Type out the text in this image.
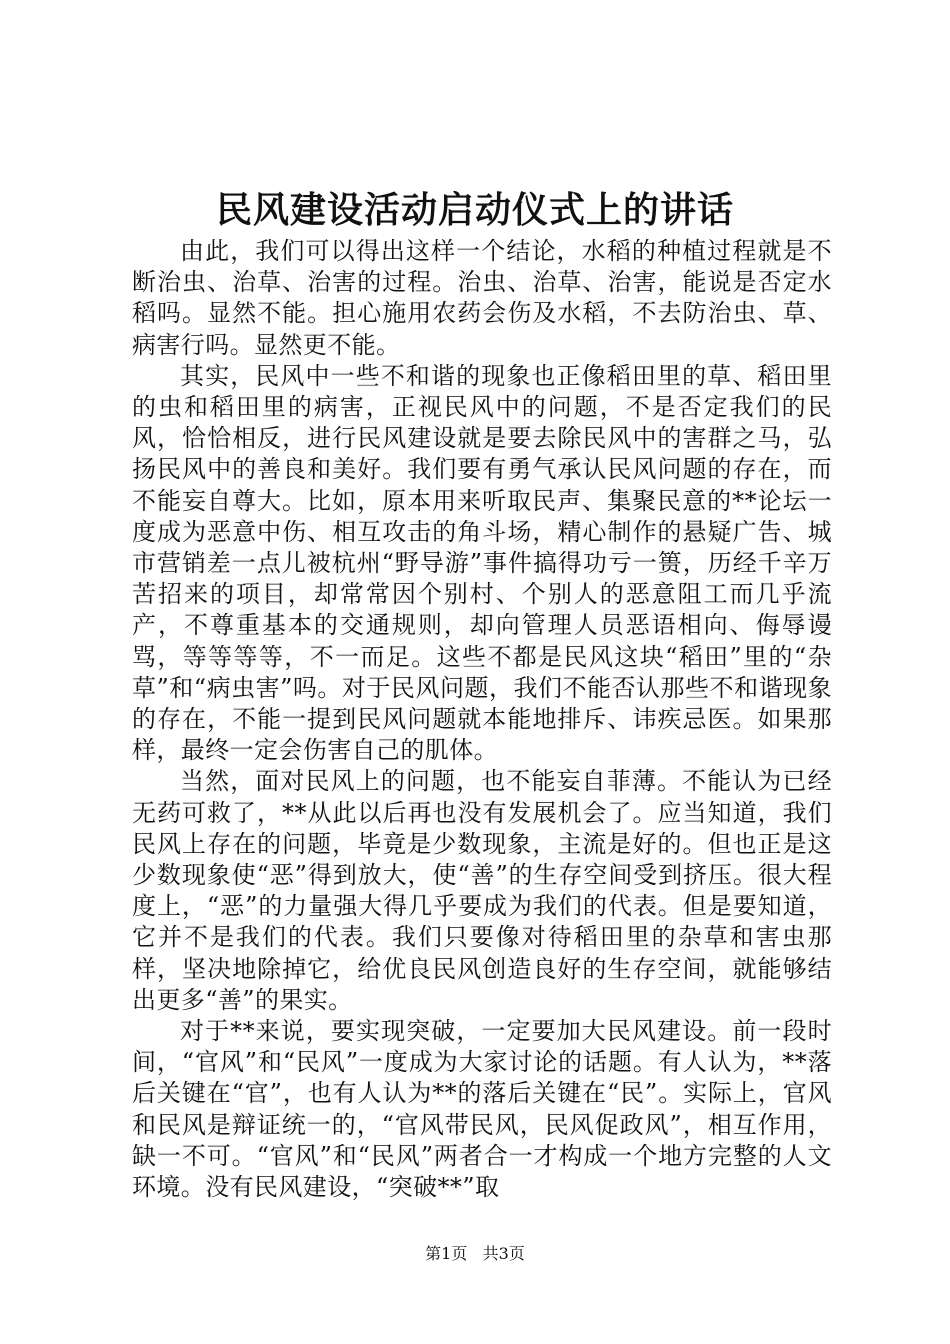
民风建设活动启动仪式上的讲话

由此，我们可以得出这样一个结论，水稻的种植过程就是不断治虫、治草、治害的过程。治虫、治草、治害，能说是否定水稻吗。显然不能。担心施用农药会伤及水稻，不去防治虫、草、病害行吗。显然更不能。

其实，民风中一些不和谐的现象也正像稻田里的草、稻田里的虫和稻田里的病害，正视民风中的问题，不是否定我们的民风，恰恰相反，进行民风建设就是要去除民风中的害群之马，弘扬民风中的善良和美好。我们要有勇气承认民风问题的存在，而不能妄自尊大。比如，原本用来听取民声、集聚民意的**论坛一度成为恶意中伤、相互攻击的角斗场，精心制作的悬疑广告、城市营销差一点儿被杭州“野导游”事件搞得功亏一篑，历经千辛万苦招来的项目，却常常因个别村、个别人的恶意阻工而几乎流产，不尊重基本的交通规则，却向管理人员恶语相向、侮辱谩骂，等等等等，不一而足。这些不都是民风这块“稻田”里的“杂草”和“病虫害”吗。对于民风问题，我们不能否认那些不和谐现象的存在，不能一提到民风问题就本能地排斥、讳疾忌医。如果那样，最终一定会伤害自己的肌体。

当然，面对民风上的问题，也不能妄自菲薄。不能认为已经无药可救了，**从此以后再也没有发展机会了。应当知道，我们民风上存在的问题，毕竟是少数现象，主流是好的。但也正是这少数现象使“恶”得到放大，使“善”的生存空间受到挤压。很大程度上，“恶”的力量强大得几乎要成为我们的代表。但是要知道，它并不是我们的代表。我们只要像对待稻田里的杂草和害虫那样，坚决地除掉它，给优良民风创造良好的生存空间，就能够结出更多“善”的果实。

对于**来说，要实现突破，一定要加大民风建设。前一段时间，“官风”和“民风”一度成为大家讨论的话题。有人认为，**落后关键在“官”，也有人认为**的落后关键在“民”。实际上，官风和民风是辩证统一的，“官风带民风，民风促政风”，相互作用，缺一不可。“官风”和“民风”两者合一才构成一个地方完整的人文环境。没有民风建设，“突破**”取

第1页 共3页
